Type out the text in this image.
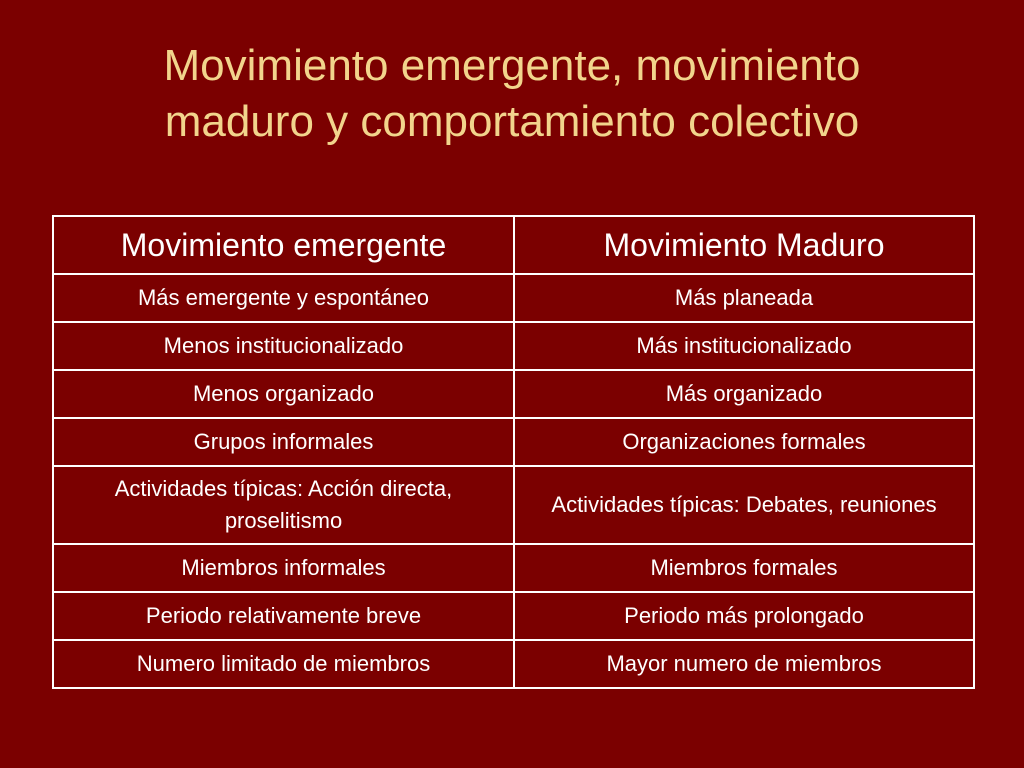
Movimiento emergente, movimiento
maduro y comportamiento colectivo
Movimiento emergente	Movimiento Maduro
Más emergente y espontáneo	Más planeada
Menos institucionalizado	Más institucionalizado
Menos organizado	Más organizado
Grupos informales	Organizaciones formales
Actividades típicas: Acción directa, proselitismo	Actividades típicas: Debates, reuniones
Miembros informales	Miembros formales
Periodo relativamente breve	Periodo más prolongado
Numero limitado de miembros	Mayor numero de miembros
